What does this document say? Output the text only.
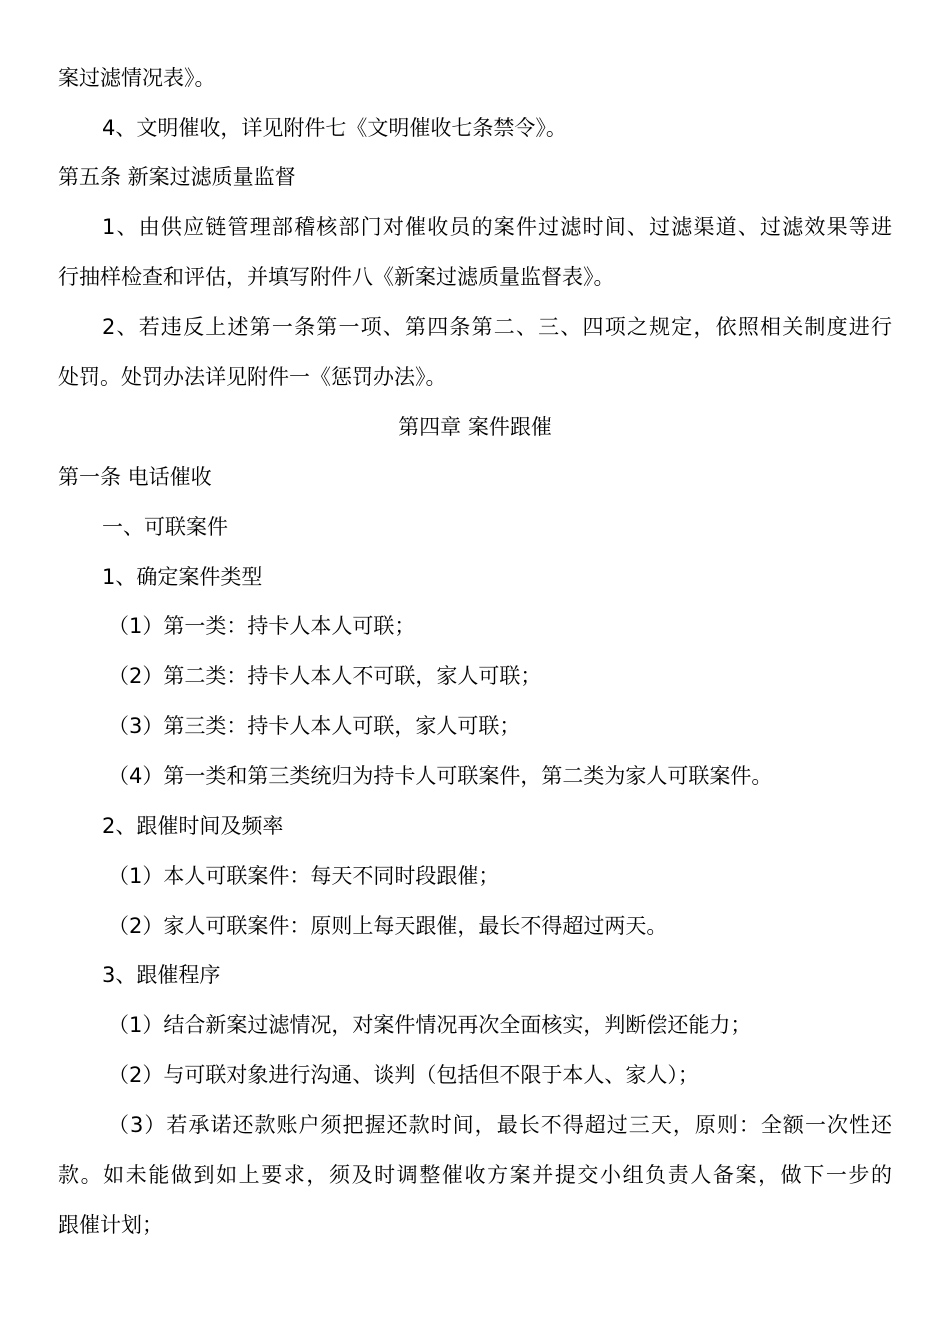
案过滤情况表》。
4、文明催收，详见附件七《文明催收七条禁令》。
第五条 新案过滤质量监督
1、由供应链管理部稽核部门对催收员的案件过滤时间、过滤渠道、过滤效果等进
行抽样检查和评估，并填写附件八《新案过滤质量监督表》。
2、若违反上述第一条第一项、第四条第二、三、四项之规定，依照相关制度进行
处罚。处罚办法详见附件一《惩罚办法》。
第四章 案件跟催
第一条 电话催收
一、可联案件
1、确定案件类型
（1）第一类：持卡人本人可联；
（2）第二类：持卡人本人不可联，家人可联；
（3）第三类：持卡人本人可联，家人可联；
（4）第一类和第三类统归为持卡人可联案件，第二类为家人可联案件。
2、跟催时间及频率
（1）本人可联案件：每天不同时段跟催；
（2）家人可联案件：原则上每天跟催，最长不得超过两天。
3、跟催程序
（1）结合新案过滤情况，对案件情况再次全面核实，判断偿还能力；
（2）与可联对象进行沟通、谈判（包括但不限于本人、家人）；
（3）若承诺还款账户须把握还款时间，最长不得超过三天，原则：全额一次性还
款。如未能做到如上要求，须及时调整催收方案并提交小组负责人备案，做下一步的
跟催计划；
